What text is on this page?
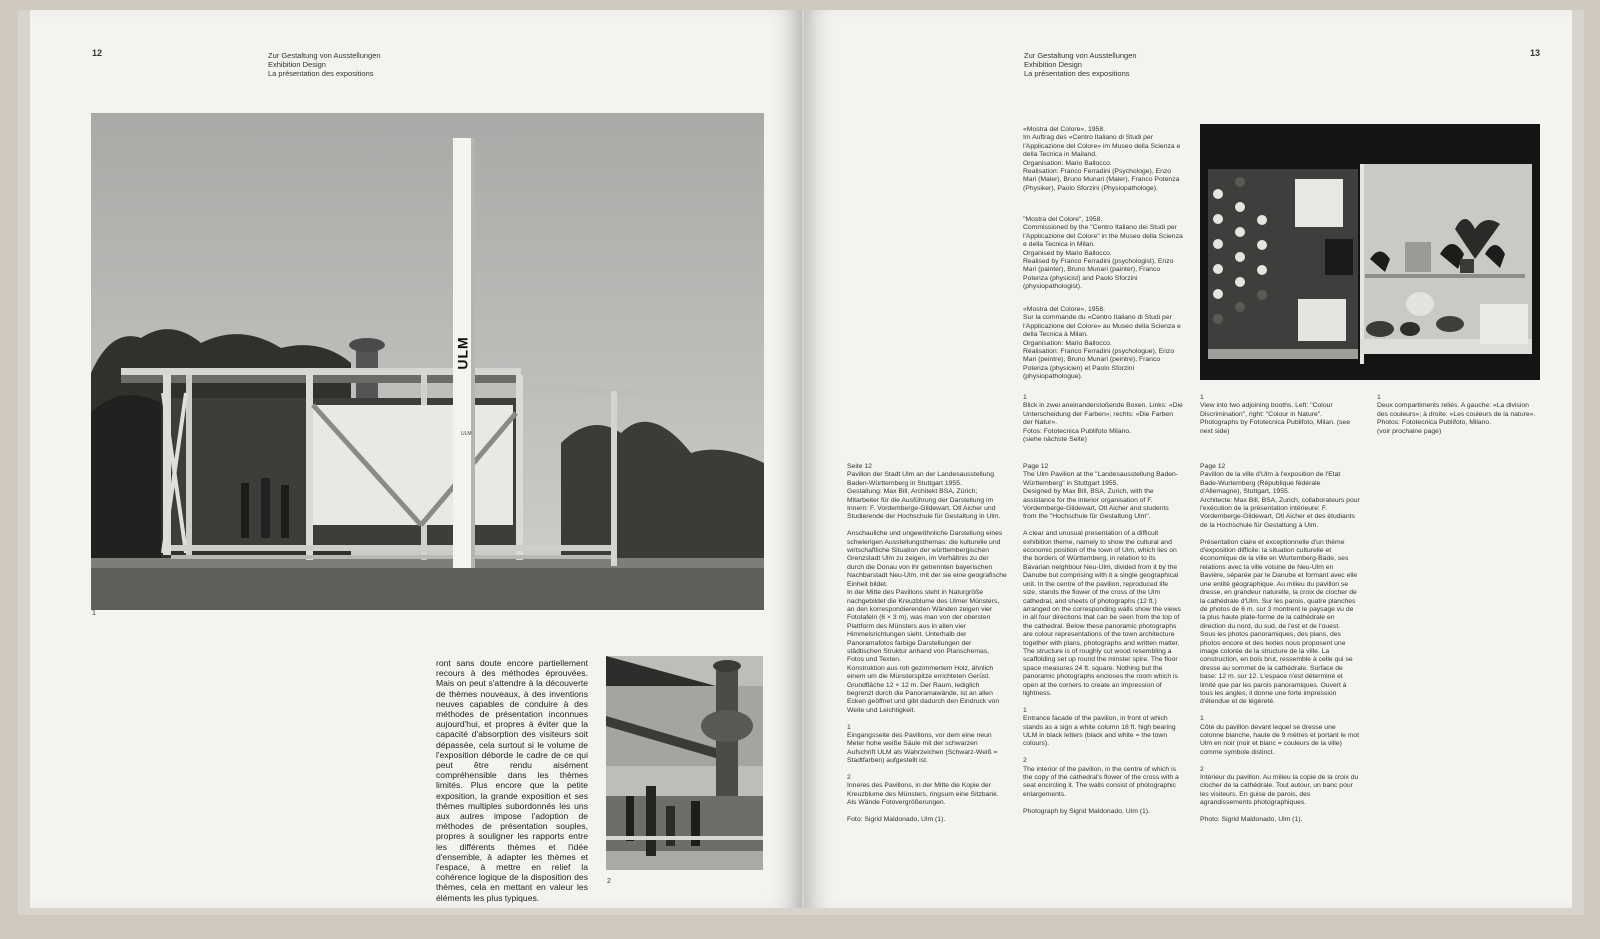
12	Zur Gestaltung von Ausstellungen
Exhibition Design
La présentation des expositions
ULM
ULM
1
ront sans doute encore partiellement recours à des méthodes éprouvées. Mais on peut s'attendre à la découverte de thèmes nouveaux, à des inventions neuves capables de conduire à des méthodes de présentation inconnues aujourd'hui, et propres à éviter que la capacité d'absorption des visiteurs soit dépassée, cela surtout si le volume de l'exposition déborde le cadre de ce qui peut être rendu aisément compréhensible dans les thèmes limités. Plus encore que la petite exposition, la grande exposition et ses thèmes multiples subordonnés les uns aux autres impose l'adoption de méthodes de présentation souples, propres à souligner les rapports entre les différents thèmes et l'idée d'ensemble, à adapter les thèmes et l'espace, à mettre en relief la cohérence logique de la disposition des thèmes, cela en mettant en valeur les éléments les plus typiques.
2
Zur Gestaltung von Ausstellungen
Exhibition Design
La présentation des expositions
13
«Mostra del Colore», 1958.
Im Auftrag des «Centro Italiano di Studi per l'Applicazione del Colore» im Museo della Scienza e della Tecnica in Mailand.
Organisation: Mario Ballocco.
Realisation: Franco Ferradini (Psychologe), Enzo Mari (Maler), Bruno Munari (Maler), Franco Potenza (Physiker), Paolo Sforzini (Physiopathologe).
"Mostra del Colore", 1958.
Commissioned by the "Centro Italiano dei Studi per l'Applicazione del Colore" in the Museo della Scienza e della Tecnica in Milan.
Organised by Mario Ballocco.
Realised by Franco Ferradini (psychologist), Enzo Mari (painter), Bruno Munari (painter), Franco Potenza (physicist) and Paolo Sforzini (physiopathologist).
«Mostra del Colore», 1958.
Sur la commande du «Centro Italiano di Studi per l'Applicazione del Colore» au Museo della Scienza e della Tecnica à Milan.
Organisation: Mario Ballocco.
Réalisation: Franco Ferradini (psychologue), Enzo Mari (peintre), Bruno Munari (peintre), Franco Potenza (physicien) et Paolo Sforzini (physiopathologue).
1
Blick in zwei aneinanderstoßende Boxen. Links: «Die Unterscheidung der Farben»; rechts: «Die Farben der Natur».
Fotos: Fototecnica Publifoto Milano.
(siehe nächste Seite)
1
View into two adjoining booths. Left: "Colour Discrimination", right: "Colour in Nature". Photographs by Fototecnica Publifoto, Milan. (see next side)
1
Deux compartiments reliés. A gauche: «La division des couleurs»; à droite: «Les couleurs de la nature».
Photos: Fototecnica Publifoto, Milano.
(voir prochaine page)
Seite 12
Pavillon der Stadt Ulm an der Landesausstellung Baden-Württemberg in Stuttgart 1955.
Gestaltung: Max Bill, Architekt BSA, Zürich; Mitarbeiter für die Ausführung der Darstellung im Innern: F. Vordemberge-Gildewart, Otl Aicher und Studierende der Hochschule für Gestaltung in Ulm.

Anschauliche und ungewöhnliche Darstellung eines schwierigen Ausstellungsthemas: die kulturelle und wirtschaftliche Situation der württembergischen Grenzstadt Ulm zu zeigen, im Verhältnis zu der durch die Donau von ihr getrennten bayerischen Nachbarstadt Neu-Ulm, mit der sie eine geografische Einheit bildet.
In der Mitte des Pavillons steht in Naturgröße nachgebildet die Kreuzblume des Ulmer Münsters, an den korrespondierenden Wänden zeigen vier Fototafeln (6 × 3 m), was man von der obersten Plattform des Münsters aus in allen vier Himmelsrichtungen sieht. Unterhalb der Panoramafotos farbige Darstellungen der städtischen Struktur anhand von Planschemas, Fotos und Texten.
Konstruktion aus roh gezimmertem Holz, ähnlich einem um die Münsterspitze errichteten Gerüst. Grundfläche 12 × 12 m. Der Raum, lediglich begrenzt durch die Panoramawände, ist an allen Ecken geöffnet und gibt dadurch den Eindruck von Weite und Leichtigkeit.

1
Eingangsseite des Pavillons, vor dem eine neun Meter hohe weiße Säule mit der schwarzen Aufschrift ULM als Wahrzeichen (Schwarz-Weiß = Stadtfarben) aufgestellt ist.

2
Inneres des Pavillons, in der Mitte die Kopie der Kreuzblume des Münsters, ringsum eine Sitzbank. Als Wände Fotovergrößerungen.

Foto: Sigrid Maldonado, Ulm (1).
Page 12
The Ulm Pavilion at the "Landesausstellung Baden-Württemberg" in Stuttgart 1955.
Designed by Max Bill, BSA, Zurich, with the assistance for the interior organisation of F. Vordemberge-Gildewart, Otl Aicher and students from the "Hochschule für Gestaltung Ulm".

A clear and unusual presentation of a difficult exhibition theme, namely to show the cultural and economic position of the town of Ulm, which lies on the borders of Württemberg, in relation to its Bavarian neighbour Neu-Ulm, divided from it by the Danube but comprising with it a single geographical unit. In the centre of the pavilion, reproduced life size, stands the flower of the cross of the Ulm cathedral, and sheets of photographs (12 ft.) arranged on the corresponding walls show the views in all four directions that can be seen from the top of the cathedral. Below these panoramic photographs are colour representations of the town architecture together with plans, photographs and written matter. The structure is of roughly cut wood resembling a scaffolding set up round the minster spire. The floor space measures 24 ft. square. Nothing but the panoramic photographs encloses the room which is open at the corners to create an impression of lightness.

1
Entrance facade of the pavilion, in front of which stands as a sign a white column 18 ft. high bearing ULM in black letters (black and white = the town colours).

2
The interior of the pavilion, in the centre of which is the copy of the cathedral's flower of the cross with a seat encircling it. The walls consist of photographic enlargements.

Photograph by Sigrid Maldonado, Ulm (1).
Page 12
Pavillon de la ville d'Ulm à l'exposition de l'Etat Bade-Wurtemberg (République fédérale d'Allemagne), Stuttgart, 1955.
Architecte: Max Bill, BSA, Zurich, collaborateurs pour l'exécution de la présentation intérieure: F. Vordemberge-Gildewart, Otl Aicher et des étudiants de la Hochschule für Gestaltung à Ulm.

Présentation claire et exceptionnelle d'un thème d'exposition difficile: la situation culturelle et économique de la ville en Wurtemberg-Bade, ses relations avec la ville voisine de Neu-Ulm en Bavière, séparée par le Danube et formant avec elle une entité géographique. Au milieu du pavillon se dresse, en grandeur naturelle, la croix de clocher de la cathédrale d'Ulm. Sur les parois, quatre planches de photos de 6 m. sur 3 montrent le paysage vu de la plus haute plate-forme de la cathédrale en direction du nord, du sud, de l'est et de l'ouest.
Sous les photos panoramiques, des plans, des photos encore et des textes nous proposent une image colorée de la structure de la ville. La construction, en bois brut, ressemble à celle qui se dresse au sommet de la cathédrale. Surface de base: 12 m. sur 12. L'espace n'est déterminé et limité que par les parois panoramiques. Ouvert à tous les angles, il donne une forte impression d'étendue et de légèreté.

1
Côté du pavillon devant lequel se dresse une colonne blanche, haute de 9 mètres et portant le mot Ulm en noir (noir et blanc = couleurs de la ville) comme symbole distinct.

2
Intérieur du pavillon. Au milieu la copie de la croix du clocher de la cathédrale. Tout autour, un banc pour les visiteurs. En guise de parois, des agrandissements photographiques.

Photo: Sigrid Maldonado, Ulm (1).
